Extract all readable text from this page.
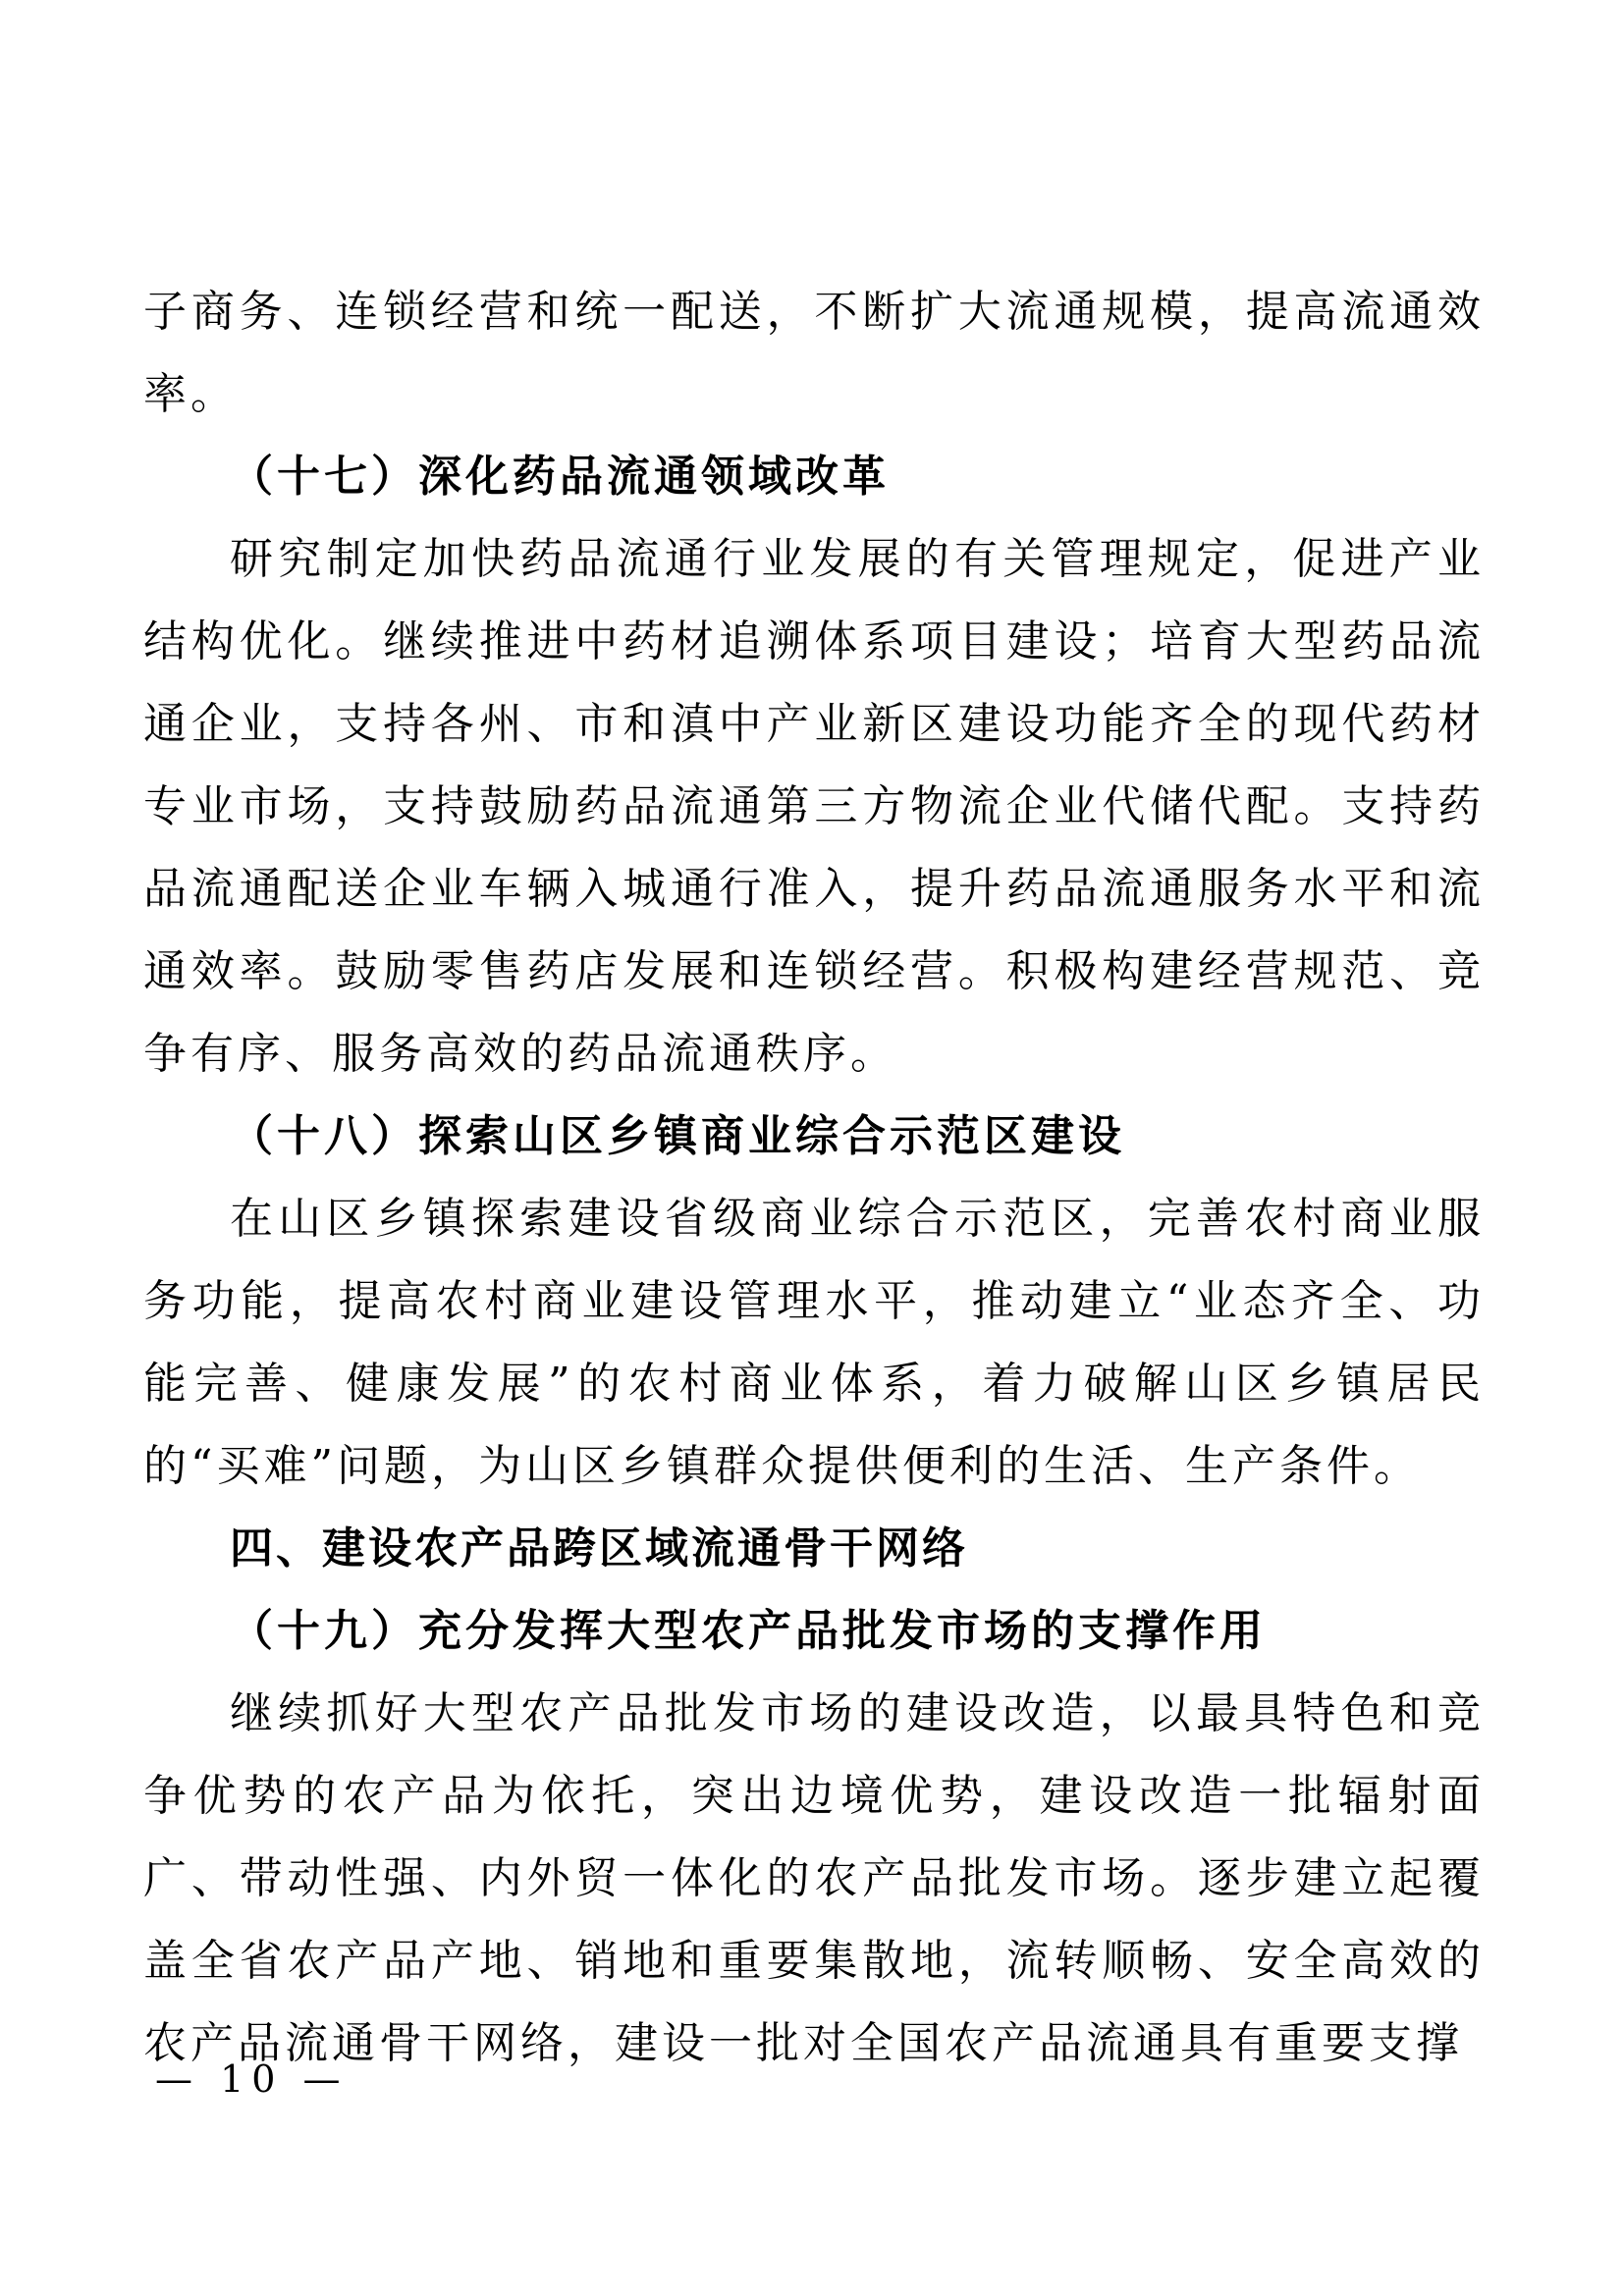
子商务、连锁经营和统一配送，不断扩大流通规模，提高流通效率。

（十七）深化药品流通领域改革

研究制定加快药品流通行业发展的有关管理规定，促进产业结构优化。继续推进中药材追溯体系项目建设；培育大型药品流通企业，支持各州、市和滇中产业新区建设功能齐全的现代药材专业市场，支持鼓励药品流通第三方物流企业代储代配。支持药品流通配送企业车辆入城通行准入，提升药品流通服务水平和流通效率。鼓励零售药店发展和连锁经营。积极构建经营规范、竞争有序、服务高效的药品流通秩序。

（十八）探索山区乡镇商业综合示范区建设

在山区乡镇探索建设省级商业综合示范区，完善农村商业服务功能，提高农村商业建设管理水平，推动建立“业态齐全、功能完善、健康发展”的农村商业体系，着力破解山区乡镇居民的“买难”问题，为山区乡镇群众提供便利的生活、生产条件。

四、建设农产品跨区域流通骨干网络

（十九）充分发挥大型农产品批发市场的支撑作用

继续抓好大型农产品批发市场的建设改造，以最具特色和竞争优势的农产品为依托，突出边境优势，建设改造一批辐射面广、带动性强、内外贸一体化的农产品批发市场。逐步建立起覆盖全省农产品产地、销地和重要集散地，流转顺畅、安全高效的农产品流通骨干网络，建设一批对全国农产品流通具有重要支撑

— 10 —
